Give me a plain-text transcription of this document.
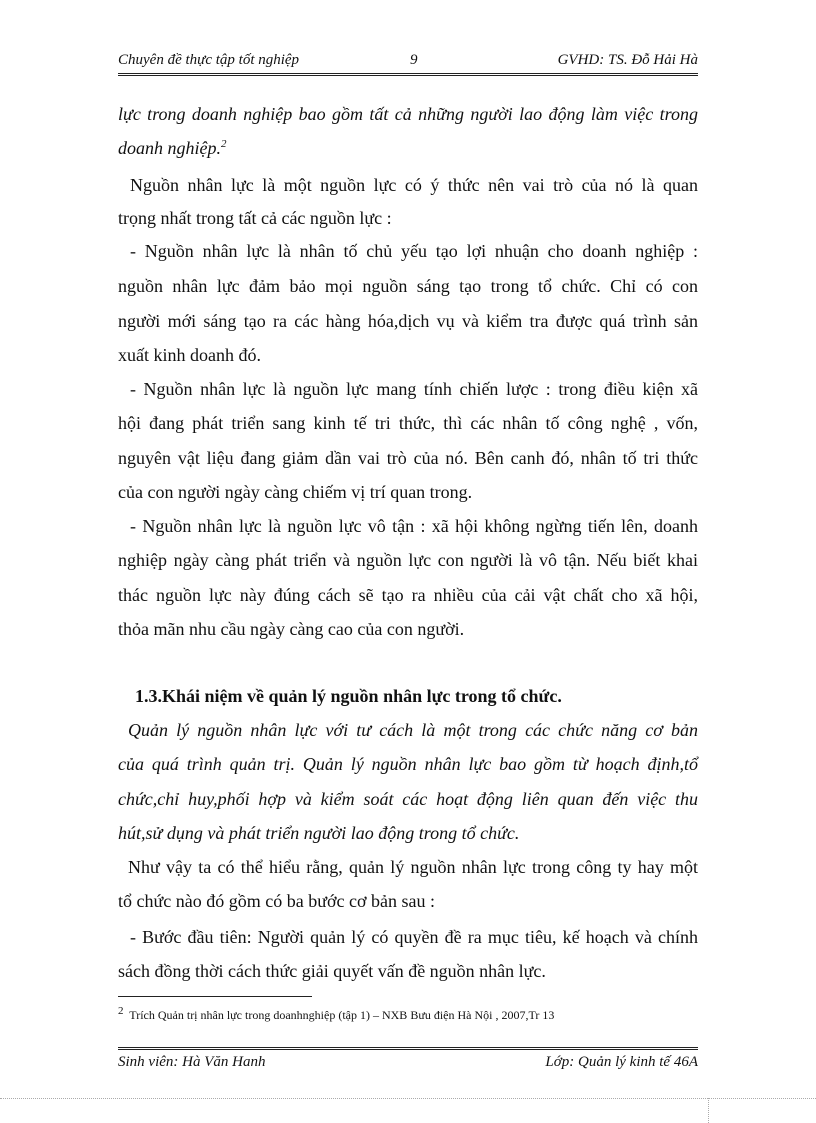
Chuyên đề thực tập tốt nghiệp	9	GVHD: TS. Đỗ Hải Hà
lực trong doanh nghiệp bao gồm tất cả những người lao động làm việc trong
doanh nghiệp.$^2$
Nguồn nhân lực là một nguồn lực có ý thức nên vai trò của nó là quan
trọng nhất trong tất cả các nguồn lực :
- Nguồn nhân lực là nhân tố chủ yếu tạo lợi nhuận cho doanh nghiệp :
nguồn nhân lực đảm bảo mọi nguồn sáng tạo trong tổ chức. Chỉ có con
người mới sáng tạo ra các hàng hóa,dịch vụ và kiểm tra được quá trình sản
xuất kinh doanh đó.
- Nguồn nhân lực là nguồn lực mang tính chiến lược : trong điều kiện xã
hội đang phát triển sang kinh tế tri thức, thì các nhân tố công nghệ , vốn,
nguyên vật liệu đang giảm dần vai trò của nó. Bên canh đó, nhân tố tri thức
của con người ngày càng chiếm vị trí quan trong.
- Nguồn nhân lực là nguồn lực vô tận : xã hội không ngừng tiến lên, doanh
nghiệp ngày càng phát triển và nguồn lực con người là vô tận. Nếu biết khai
thác nguồn lực này đúng cách sẽ tạo ra nhiều của cải vật chất cho xã hội,
thỏa mãn nhu cầu ngày càng cao của con người.
1.3.Khái niệm về quản lý nguồn nhân lực trong tổ chức.
Quản lý nguồn nhân lực với tư cách là một trong các chức năng cơ bản
của quá trình quản trị. Quản lý nguồn nhân lực bao gồm từ hoạch định,tổ
chức,chỉ huy,phối hợp và kiểm soát các hoạt động liên quan đến việc thu
hút,sử dụng và phát triển người lao động trong tổ chức.
Như vậy ta có thể hiểu rằng, quản lý nguồn nhân lực trong công ty hay một
tổ chức nào đó gồm có ba bước cơ bản sau :
- Bước đầu tiên: Người quản lý có quyền đề ra mục tiêu, kế hoạch và chính
sách đồng thời cách thức giải quyết vấn đề nguồn nhân lực.
$^2$ Trích Quản trị nhân lực trong doanhnghiệp (tập 1) – NXB Bưu điện Hà Nội , 2007,Tr 13
Sinh viên: Hà Văn Hanh	Lớp: Quản lý kinh tế 46A
